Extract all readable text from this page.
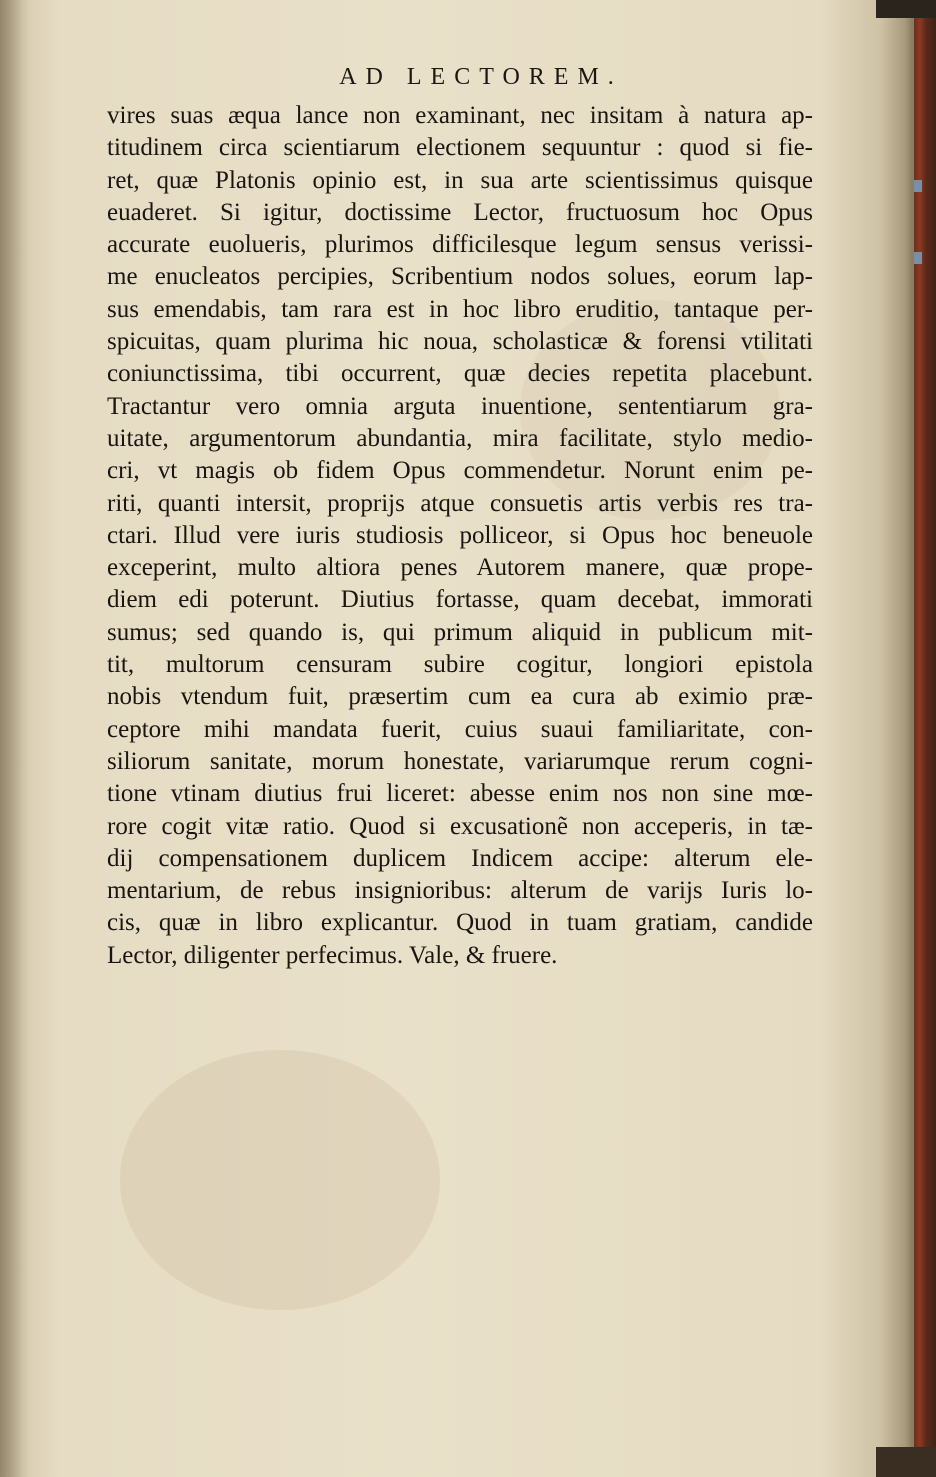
AD LECTOREM.
vires suas æqua lance non examinant, nec insitam à natura ap-
titudinem circa scientiarum electionem sequuntur : quod si fie-
ret, quæ Platonis opinio est, in sua arte scientissimus quisque
euaderet. Si igitur, doctissime Lector, fructuosum hoc Opus
accurate euolueris, plurimos difficilesque legum sensus verissi-
me enucleatos percipies, Scribentium nodos solues, eorum lap-
sus emendabis, tam rara est in hoc libro eruditio, tantaque per-
spicuitas, quam plurima hic noua, scholasticæ & forensi vtilitati
coniunctissima, tibi occurrent, quæ decies repetita placebunt.
Tractantur vero omnia arguta inuentione, sententiarum gra-
uitate, argumentorum abundantia, mira facilitate, stylo medio-
cri, vt magis ob fidem Opus commendetur. Norunt enim pe-
riti, quanti intersit, proprijs atque consuetis artis verbis res tra-
ctari. Illud vere iuris studiosis polliceor, si Opus hoc beneuole
exceperint, multo altiora penes Autorem manere, quæ prope-
diem edi poterunt. Diutius fortasse, quam decebat, immorati
sumus; sed quando is, qui primum aliquid in publicum mit-
tit, multorum censuram subire cogitur, longiori epistola
nobis vtendum fuit, præsertim cum ea cura ab eximio præ-
ceptore mihi mandata fuerit, cuius suaui familiaritate, con-
siliorum sanitate, morum honestate, variarumque rerum cogni-
tione vtinam diutius frui liceret: abesse enim nos non sine mœ-
rore cogit vitæ ratio. Quod si excusationẽ non acceperis, in tæ-
dij compensationem duplicem Indicem accipe: alterum ele-
mentarium, de rebus insignioribus: alterum de varijs Iuris lo-
cis, quæ in libro explicantur. Quod in tuam gratiam, candide
Lector, diligenter perfecimus. Vale, & fruere.
